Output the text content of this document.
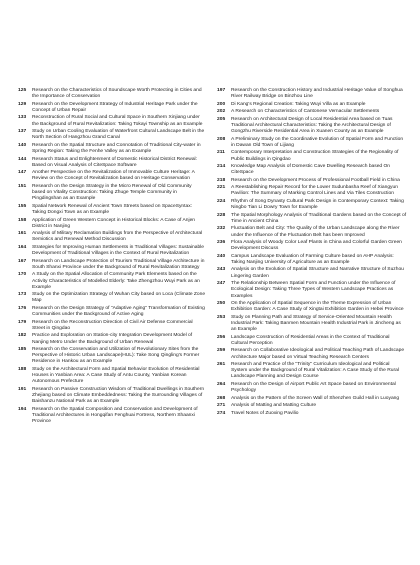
125	Research on the Characteristics of Soundscape Worth Protecting in Cities and the Importance of Conservation
129	Research on the Development Strategy of Industrial Heritage Park under the Concept of Urban Repair
133	Reconstruction of Rural Social and Cultural Space in Southern Xinjiang under the Background of Rural Revitalization: Taking Tokayi Township as an Example
137	Study on Urban Cooling Evaluation of Waterfront Cultural Landscape Belt in the North Section of Hangzhou Grand Canal
140	Research on the Spatial Structure and Connotation of Traditional City-water in Spring Region: Taking the Fenhe Valley as an Example
144	Research Status and Enlightenment of Domestic Historical District Renewal: Based on Visual Analysis of CiteSpace Software
147	Another Perspective on the Revitalization of Immovable Culture Heritage: A Review on the Concept of Revitalization based on Heritage Conservation
151	Research on the Design Strategy in the Micro Renewal of Old Community based on Vitality Construction: Taking Zhuge Temple Community in Pingdingshan as an Example
155	Spatial Network Renewal of Ancient Town Streets based on SpaceSyntax: Taking Dongxi Town as an Example
158	Application of Green Western Concept in Historical Blocks: A Case of Anjen District in Nanjing
161	Analysis of Military Reclamation Buildings from the Perspective of Architectural Semiotics and Renewal Method Discussion
164	Strategies for Improving Human Settlements in Traditional Villages: Sustainable Development of Traditional Villages in the Context of Rural Revitalization
167	Research on Landscape Protection of Tourism Traditional Village Architecture in South Shanxi Province under the Background of Rural Revitalization Strategy
170	A Study on the Spatial Allocation of Community Park Elements based on the Activity Characteristics of Modelled Elderly: Take Zhengzhou Wuyi Park as an Example
173	Study on the Optimization Strategy of Wuhan City based on Loca (Climate Zone Map
176	Research on the Design Strategy of "Adaptive Aging" Transformation of Existing Communities under the Background of Active Aging
179	Research on the Reconstruction Direction of Civil Air Defense Commercial Street in Qingdao
182	Practice and Exploration on Station-city Integration Development Model of Nanjing Metro Under the Background of Urban Renewal
185	Research on the Conservation and Utilization of Revolutionary Sites from the Perspective of Historic Urban Landscape(HUL): Take Song Qingling's Former Residence in Hankou as an Example
188	Study on the Architectural Form and Spatial Behavior Evolution of Residential Houses in Yanbian Area: A Case Study of Antu County, Yanbian Korean Autonomous Prefecture
191	Research on Passive Construction Wisdom of Traditional Dwellings in Southern Zhejiang based on Climate Embeddedness: Taking the Surrounding Villages of Baishanzu National Park as an Example
194	Research on the Spatial Composition and Conservation and Development of Traditional Architectures in Hongqifan Fenghuai Fortress, Northern Shaanxi Province
197	Research on the Construction History and Industrial Heritage Value of Songhua River Railway Bridge on Binzhou Line
200	Di Kang's Regional Creation: Taking Wuyi Villa as an Example
202	A Research on Characteristics of Cantonese Vernacular Settlements
205	Research on Architectural Design of Local Residential Area based on Tuas Traditional Architectural Characteristics: Taking the Architectural Design of Gongzhu Riverside Residential Area in Xuanen County as an Example
208	A Preliminary Study on the Coordinative Evolution of Spatial Form and Function in Dawan Old Town of Lijiang
211	Contemporary Interpretation and Construction Strategies of the Regionality of Public Buildings in Qingdao
214	Knowledge Map Analysis of Domestic Cave Dwelling Research based On CiteSpace
218	Research on the Development Process of Professional Football Field in China
221	A Reestablishing Repair Record for the Lower Sudunbasha Reef of Xiangyun Pavilion: The Summary of Marking Control Lines and Via Tiles Construction
224	Rhythm of Song Dynasty Cultural Park Design in Contemporary Context: Taking Ningbo Tian Li Dowry Town for Example
228	The Spatial Morphology Analysis of Traditional Gardens based on the Concept of Time in Ancient China
232	Fluctuation Belt and City: The Quality of the Urban Landscape along the River under the Influence of the Fluctuation Belt has been Improved
236	Flora Analysis of Woody Color Leaf Plants in China and Colorful Garden Green Development Discuss
240	Campus Landscape Evaluation of Farming Culture based on AHP Analysis: Taking Nanjing University of Agriculture as an Example
243	Analysis on the Evolution of Spatial Structure and Narrative Structure of Suzhou Lingering Garden
247	The Relationship Between Spatial Form and Function under the Influence of Ecological Design: Taking Three Types of Western Landscape Practices as Examples
250	On the Application of Spatial Sequence in the Theme Expression of Urban Exhibition Garden: A Case Study of Xingtai Exhibition Garden in Hebei Province
253	Study on Planning Path and Strategy of Service-Oriented Mountain Health Industrial Park: Taking Banmen Mountain Health Industrial Park in Jincheng as an Example
256	Landscape Construction of Residential Areas in the Context of Traditional Cultural Perception
259	Research on Collaborative Ideological and Political Teaching Path of Landscape Architecture Major based on Virtual Teaching Research Centers
261	Research and Practice of the "Trinity" Curriculum Ideological and Political System under the Background of Rural Vitalization: A Case Study of the Rural Landscape Planning and Design Course
264	Research on the Design of Airport Public Art Space based on Environmental Psychology
268	Analysis on the Pattern of the Screen Wall of Shenzhen Guild Hall in Luoyang
271	Analysis of Matting and Matting Culture
274	Travel Notes of Zuoxing Pavilio
